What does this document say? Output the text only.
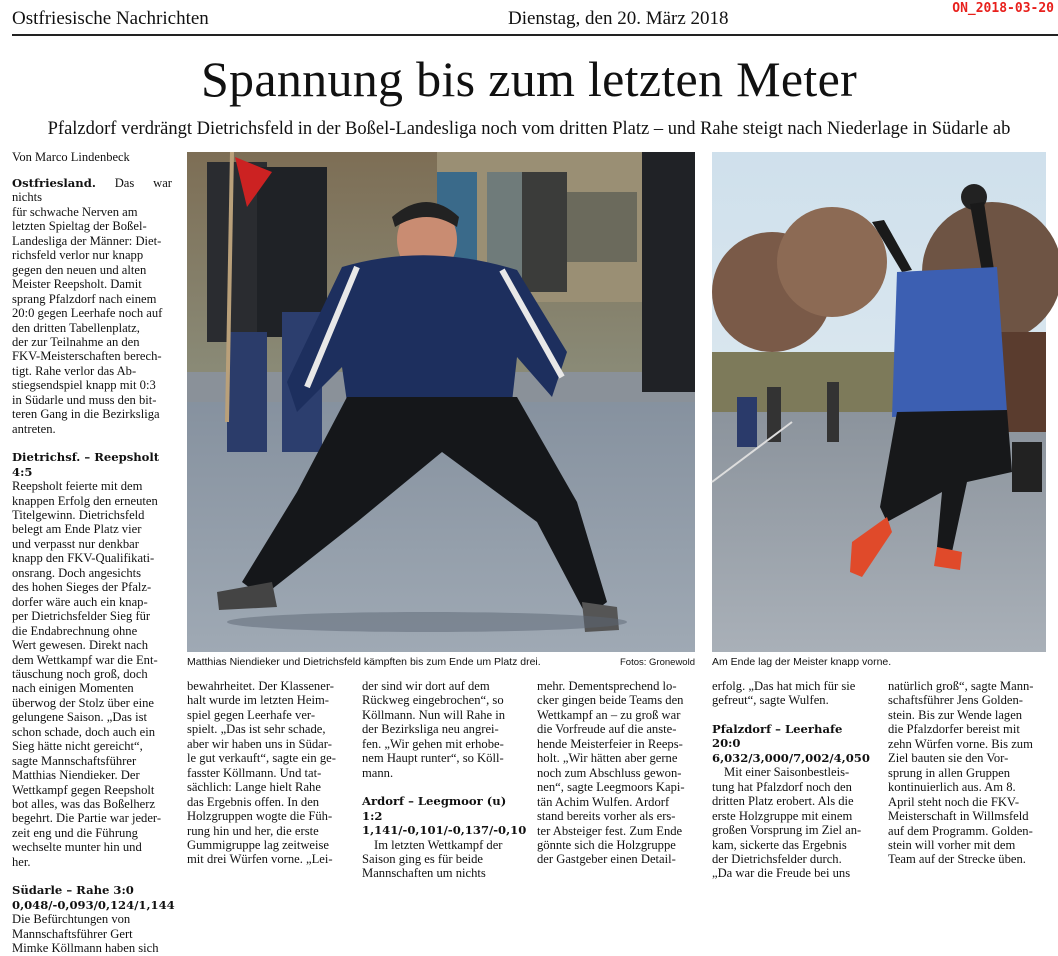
Ostfriesische Nachrichten	Dienstag, den 20. März 2018	ON_2018-03-20
Spannung bis zum letzten Meter
Pfalzdorf verdrängt Dietrichsfeld in der Boßel-Landesliga noch vom dritten Platz – und Rahe steigt nach Niederlage in Südarle ab
Von Marco Lindenbeck

Ostfriesland. Das war nichts
für schwache Nerven am
letzten Spieltag der Boßel-
Landesliga der Männer: Diet-
richsfeld verlor nur knapp
gegen den neuen und alten
Meister Reepsholt. Damit
sprang Pfalzdorf nach einem
20:0 gegen Leerhafe noch auf
den dritten Tabellenplatz,
der zur Teilnahme an den
FKV-Meisterschaften berech-
tigt. Rahe verlor das Ab-
stiegsendspiel knapp mit 0:3
in Südarle und muss den bit-
teren Gang in die Bezirksliga
antreten.

Dietrichsf. – Reepsholt 4:5

Reepsholt feierte mit dem
knappen Erfolg den erneuten
Titelgewinn. Dietrichsfeld
belegt am Ende Platz vier
und verpasst nur denkbar
knapp den FKV-Qualifikati-
onsrang. Doch angesichts
des hohen Sieges der Pfalz-
dorfer wäre auch ein knap-
per Dietrichsfelder Sieg für
die Endabrechnung ohne
Wert gewesen. Direkt nach
dem Wettkampf war die Ent-
täuschung noch groß, doch
nach einigen Momenten
überwog der Stolz über eine
gelungene Saison. „Das ist
schon schade, doch auch ein
Sieg hätte nicht gereicht“,
sagte Mannschaftsführer
Matthias Niendieker. Der
Wettkampf gegen Reepsholt
bot alles, was das Boßelherz
begehrt. Die Partie war jeder-
zeit eng und die Führung
wechselte munter hin und
her.

Südarle – Rahe 3:0
0,048/-0,093/0,124/1,144

Die Befürchtungen von
Mannschaftsführer Gert
Mimke Köllmann haben sich

Matthias Niendieker und Dietrichsfeld kämpften bis zum Ende um Platz drei.	Fotos: Gronewold Am Ende lag der Meister knapp vorne.

bewahrheitet. Der Klassener-
halt wurde im letzten Heim-
spiel gegen Leerhafe ver-
spielt. „Das ist sehr schade,
aber wir haben uns in Südar-
le gut verkauft“, sagte ein ge-
fasster Köllmann. Und tat-
sächlich: Lange hielt Rahe
das Ergebnis offen. In den
Holzgruppen wogte die Füh-
rung hin und her, die erste
Gummigruppe lag zeitweise
mit drei Würfen vorne. „Lei-

der sind wir dort auf dem
Rückweg eingebrochen“, so
Köllmann. Nun will Rahe in
der Bezirksliga neu angrei-
fen. „Wir gehen mit erhobe-
nem Haupt runter“, so Köll-
mann.

Ardorf – Leegmoor (u) 1:2
1,141/-0,101/-0,137/-0,10

Im letzten Wettkampf der
Saison ging es für beide
Mannschaften um nichts

mehr. Dementsprechend lo-
cker gingen beide Teams den
Wettkampf an – zu groß war
die Vorfreude auf die anste-
hende Meisterfeier in Reeps-
holt. „Wir hätten aber gerne
noch zum Abschluss gewon-
nen“, sagte Leegmoors Kapi-
tän Achim Wulfen. Ardorf
stand bereits vorher als ers-
ter Absteiger fest. Zum Ende
gönnte sich die Holzgruppe
der Gastgeber einen Detail-

erfolg. „Das hat mich für sie
gefreut“, sagte Wulfen.

Pfalzdorf – Leerhafe 20:0
6,032/3,000/7,002/4,050

Mit einer Saisonbestleis-
tung hat Pfalzdorf noch den
dritten Platz erobert. Als die
erste Holzgruppe mit einem
großen Vorsprung im Ziel an-
kam, sickerte das Ergebnis
der Dietrichsfelder durch.
„Da war die Freude bei uns

natürlich groß“, sagte Mann-
schaftsführer Jens Golden-
stein. Bis zur Wende lagen
die Pfalzdorfer bereist mit
zehn Würfen vorne. Bis zum
Ziel bauten sie den Vor-
sprung in allen Gruppen
kontinuierlich aus. Am 8.
April steht noch die FKV-
Meisterschaft in Willmsfeld
auf dem Programm. Golden-
stein will vorher mit dem
Team auf der Strecke üben.
